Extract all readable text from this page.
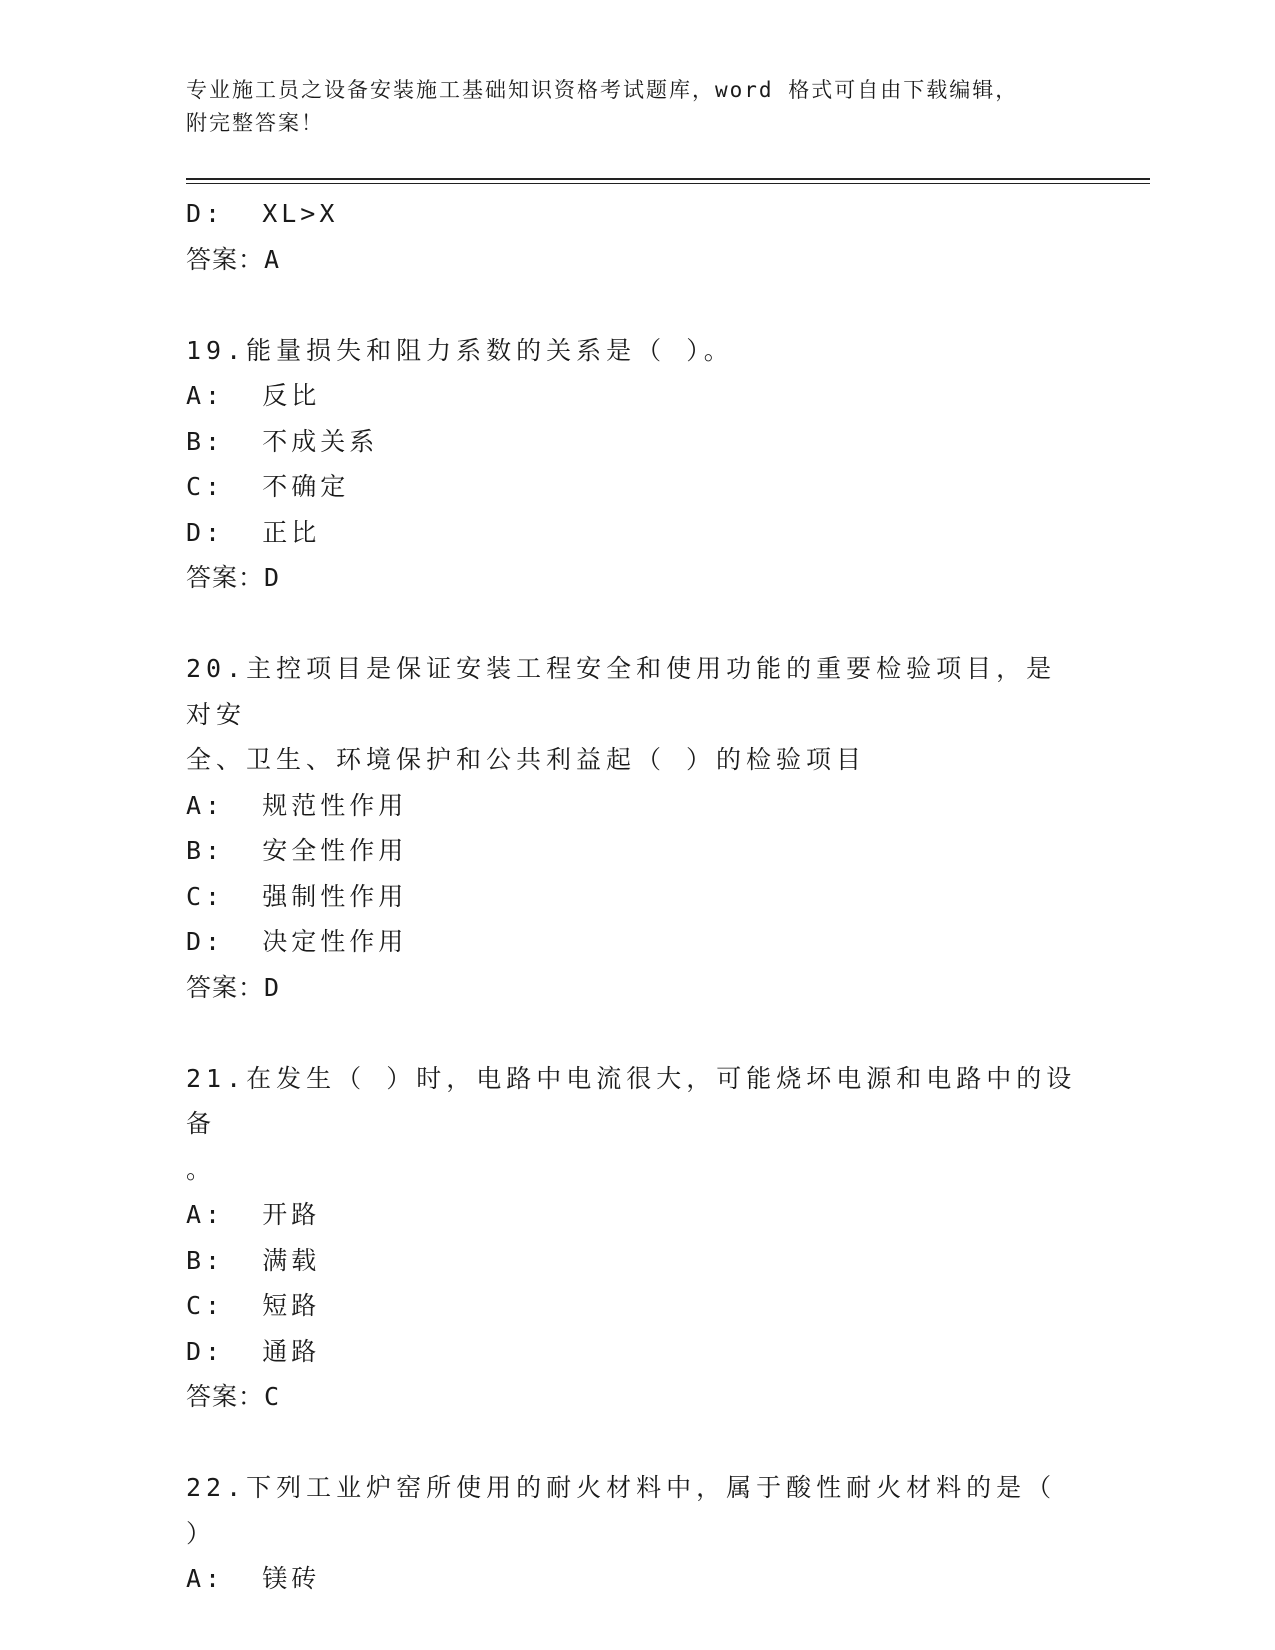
专业施工员之设备安装施工基础知识资格考试题库，word 格式可自由下载编辑，
附完整答案！
D:  XL>X
答案：A
19.能量损失和阻力系数的关系是（ ）。
A:  反比
B:  不成关系
C:  不确定
D:  正比
答案：D
20.主控项目是保证安装工程安全和使用功能的重要检验项目，是对安
全、卫生、环境保护和公共利益起（ ）的检验项目
A:  规范性作用
B:  安全性作用
C:  强制性作用
D:  决定性作用
答案：D
21.在发生（ ）时，电路中电流很大，可能烧坏电源和电路中的设备
。
A:  开路
B:  满载
C:  短路
D:  通路
答案：C
22.下列工业炉窑所使用的耐火材料中，属于酸性耐火材料的是（ ）
A:  镁砖
